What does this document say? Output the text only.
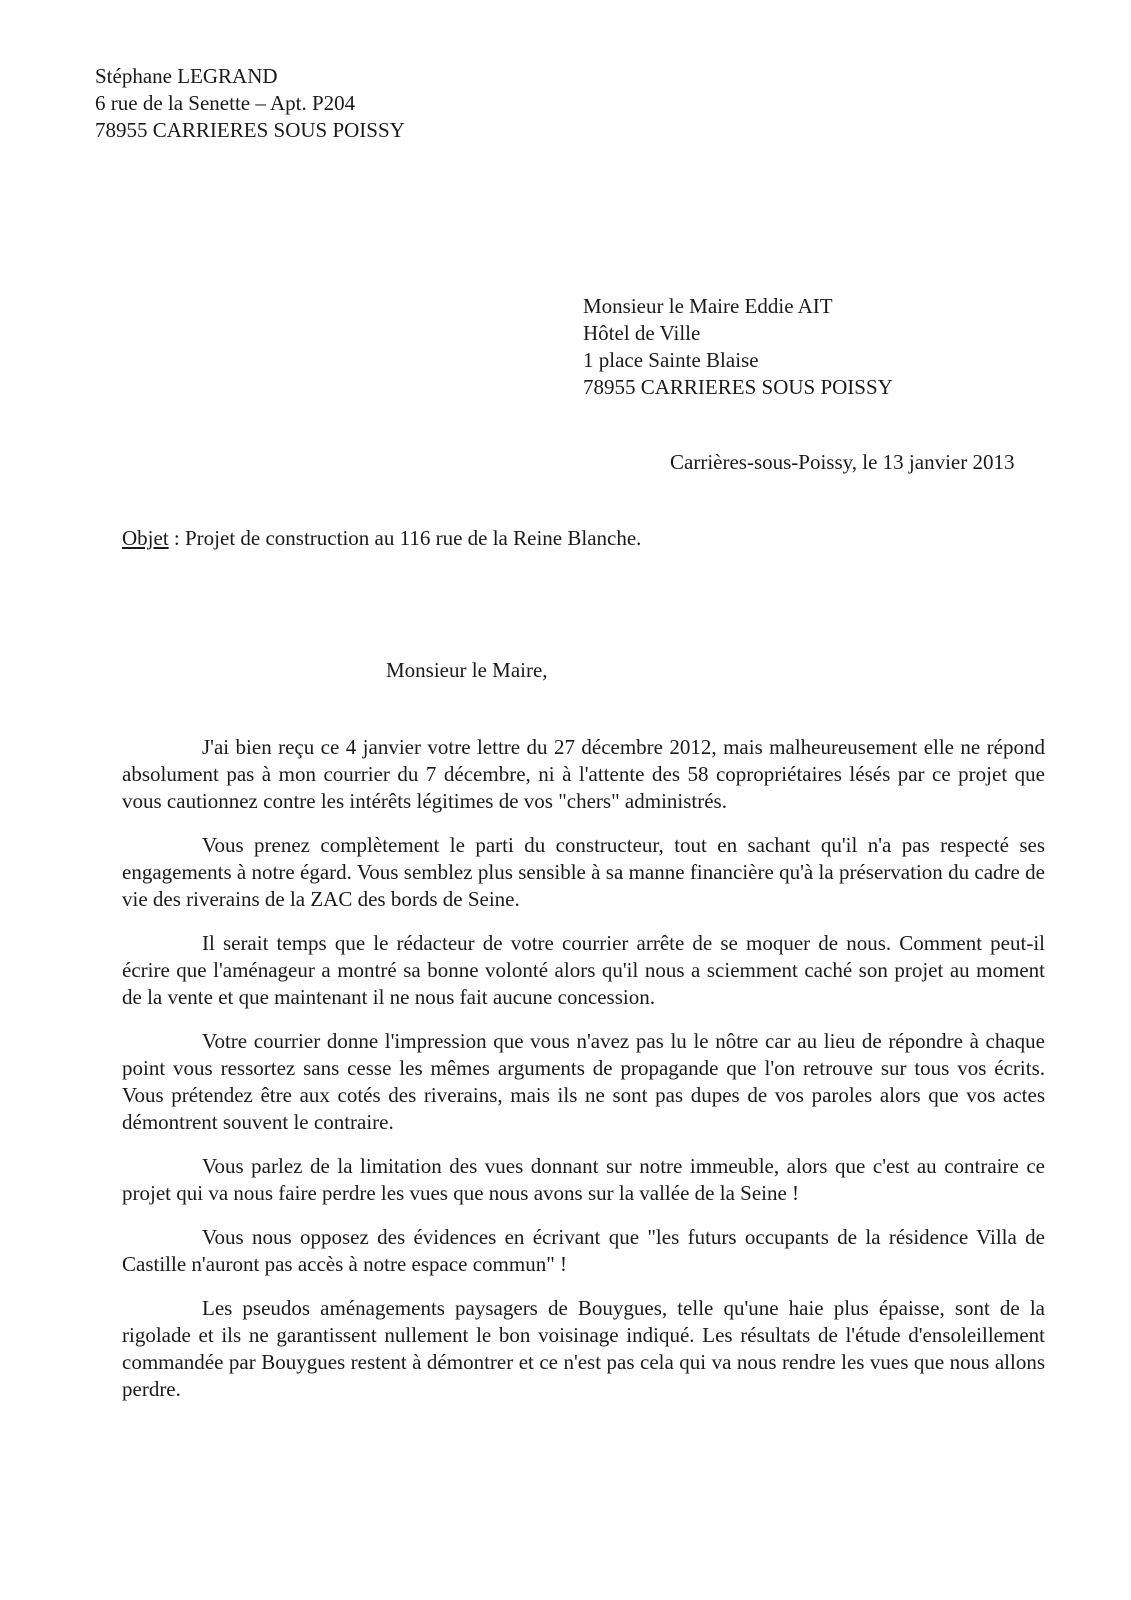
Stéphane LEGRAND
6 rue de la Senette – Apt. P204
78955 CARRIERES SOUS POISSY
Monsieur le Maire Eddie AIT
Hôtel de Ville
1 place Sainte Blaise
78955 CARRIERES SOUS POISSY
Carrières-sous-Poissy, le 13 janvier 2013
Objet : Projet de construction au 116 rue de la Reine Blanche.
Monsieur le Maire,

J'ai bien reçu ce 4 janvier votre lettre du 27 décembre 2012, mais malheureusement elle ne répond absolument pas à mon courrier du 7 décembre, ni à l'attente des 58 copropriétaires lésés par ce projet que vous cautionnez contre les intérêts légitimes de vos "chers" administrés.

Vous prenez complètement le parti du constructeur, tout en sachant qu'il n'a pas respecté ses engagements à notre égard. Vous semblez plus sensible à sa manne financière qu'à la préservation du cadre de vie des riverains de la ZAC des bords de Seine.

Il serait temps que le rédacteur de votre courrier arrête de se moquer de nous. Comment peut-il écrire que l'aménageur a montré sa bonne volonté alors qu'il nous a sciemment caché son projet au moment de la vente et que maintenant il ne nous fait aucune concession.

Votre courrier donne l'impression que vous n'avez pas lu le nôtre car au lieu de répondre à chaque point vous ressortez sans cesse les mêmes arguments de propagande que l'on retrouve sur tous vos écrits. Vous prétendez être aux cotés des riverains, mais ils ne sont pas dupes de vos paroles alors que vos actes démontrent souvent le contraire.

Vous parlez de la limitation des vues donnant sur notre immeuble, alors que c'est au contraire ce projet qui va nous faire perdre les vues que nous avons sur la vallée de la Seine !

Vous nous opposez des évidences en écrivant que "les futurs occupants de la résidence Villa de Castille n'auront pas accès à notre espace commun" !

Les pseudos aménagements paysagers de Bouygues, telle qu'une haie plus épaisse, sont de la rigolade et ils ne garantissent nullement le bon voisinage indiqué. Les résultats de l'étude d'ensoleillement commandée par Bouygues restent à démontrer et ce n'est pas cela qui va nous rendre les vues que nous allons perdre.
